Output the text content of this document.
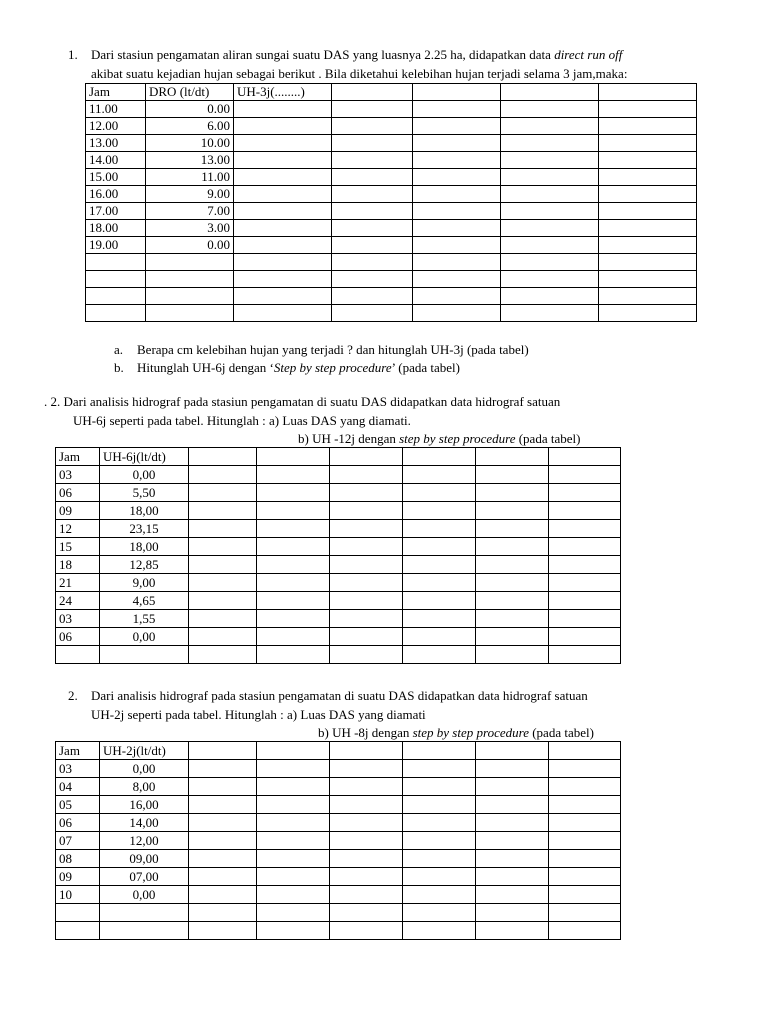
1. Dari stasiun pengamatan aliran sungai suatu DAS yang luasnya 2.25 ha, didapatkan data direct run off
akibat suatu kejadian hujan sebagai berikut . Bila diketahui kelebihan hujan terjadi selama 3 jam,maka:
Jam	DRO (lt/dt)	UH-3j(........)				
11.00	0.00					
12.00	6.00					
13.00	10.00					
14.00	13.00					
15.00	11.00					
16.00	9.00					
17.00	7.00					
18.00	3.00					
19.00	0.00					

a. Berapa cm kelebihan hujan yang terjadi ? dan hitunglah UH-3j (pada tabel)
b. Hitunglah UH-6j dengan ‘Step by step procedure’ (pada tabel)
. 2. Dari analisis hidrograf pada stasiun pengamatan di suatu DAS didapatkan data hidrograf satuan
UH-6j seperti pada tabel. Hitunglah : a) Luas DAS yang diamati.
b) UH -12j dengan step by step procedure (pada tabel)
Jam	UH-6j(lt/dt)						
03	0,00						
06	5,50						
09	18,00						
12	23,15						
15	18,00						
18	12,85						
21	9,00						
24	4,65						
03	1,55						
06	0,00						

2. Dari analisis hidrograf pada stasiun pengamatan di suatu DAS didapatkan data hidrograf satuan
UH-2j seperti pada tabel. Hitunglah : a) Luas DAS yang diamati
b) UH -8j dengan step by step procedure (pada tabel)
Jam	UH-2j(lt/dt)						
03	0,00						
04	8,00						
05	16,00						
06	14,00						
07	12,00						
08	09,00						
09	07,00						
10	0,00						
